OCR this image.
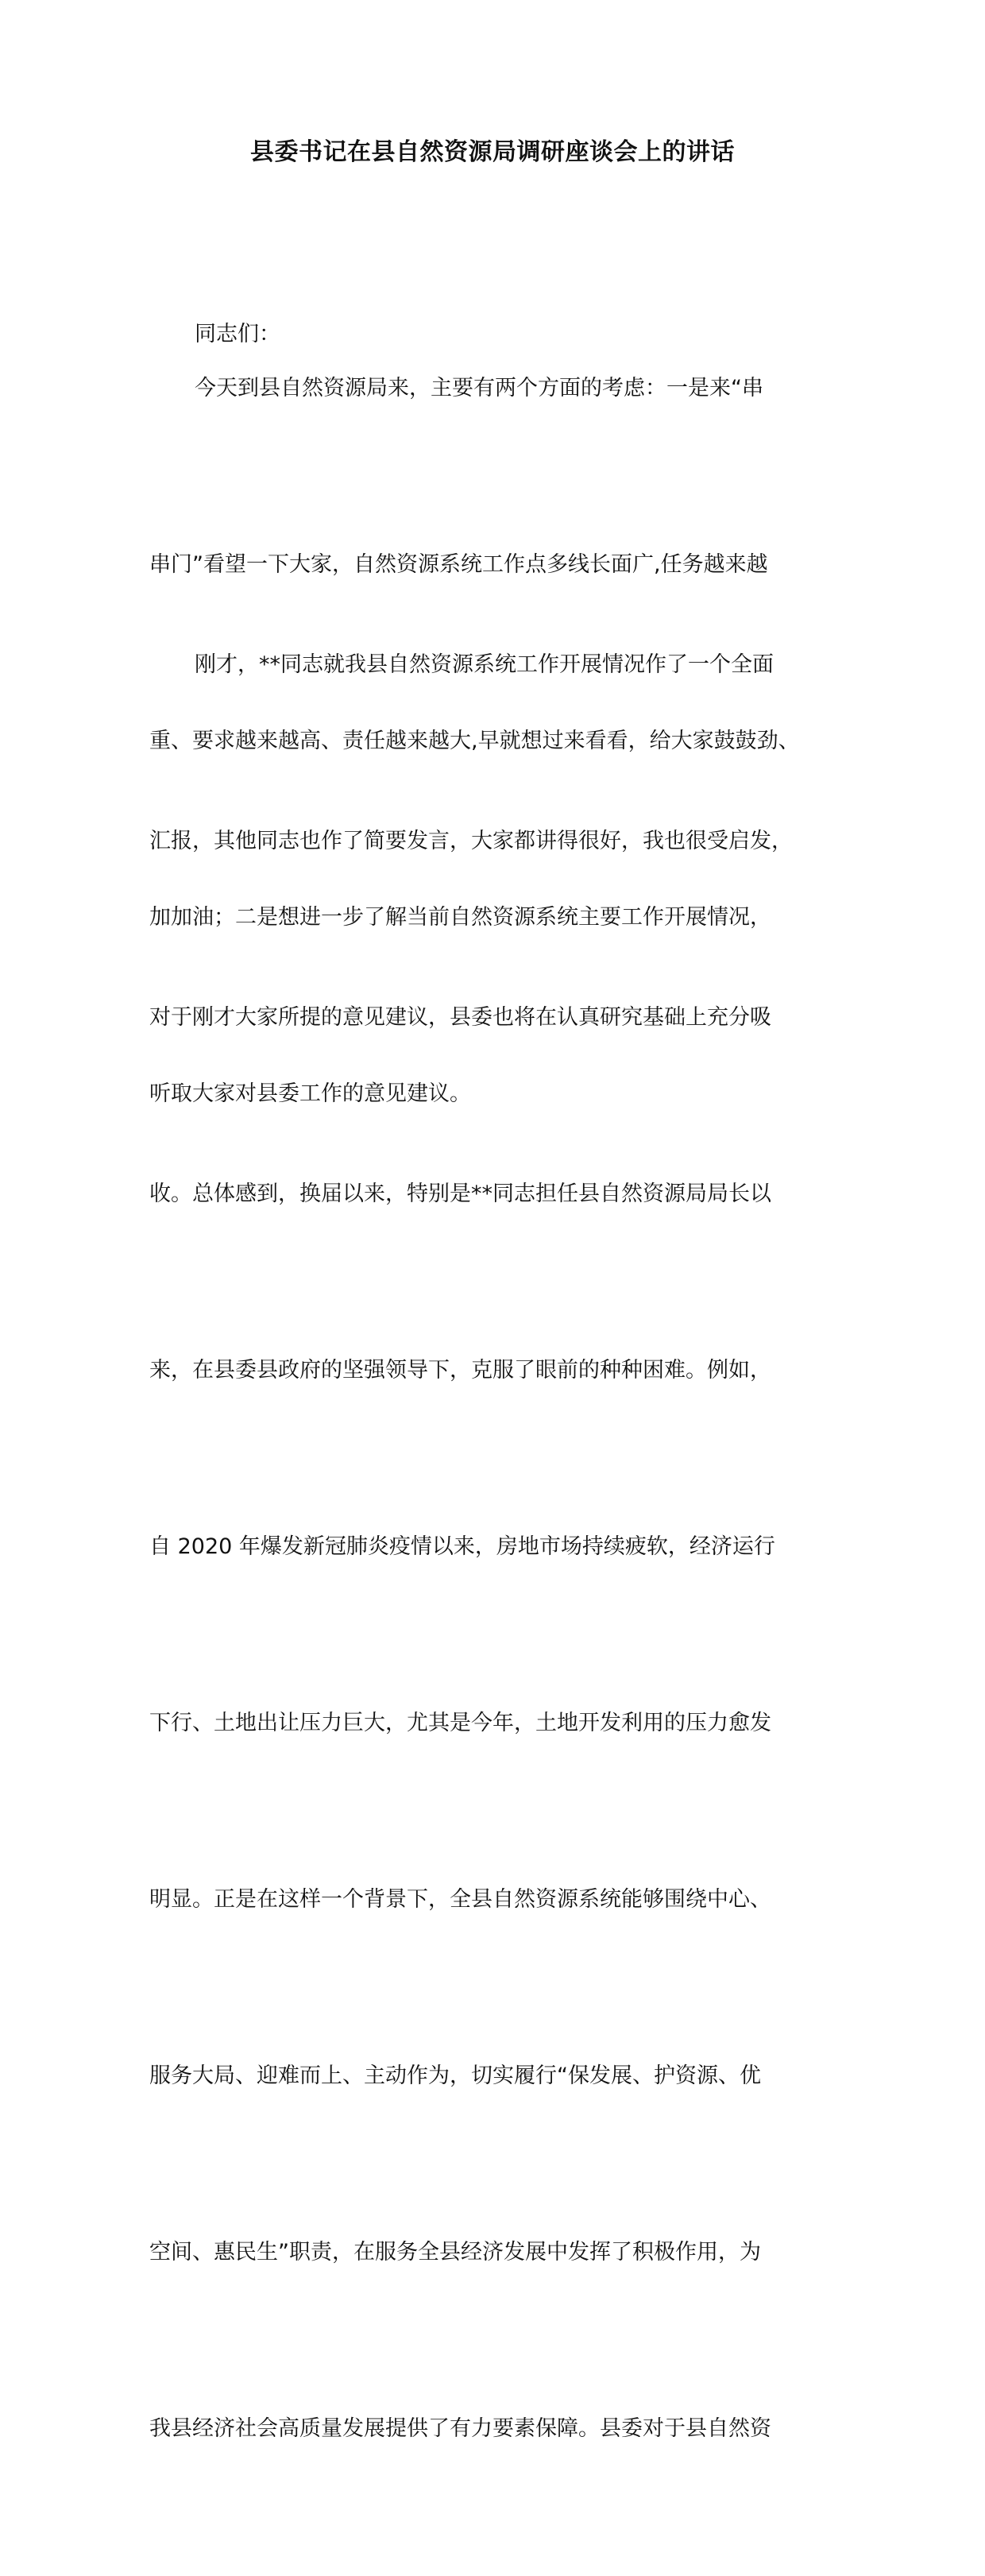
县委书记在县自然资源局调研座谈会上的讲话

同志们：

今天到县自然资源局来，主要有两个方面的考虑：一是来“串

串门”看望一下大家，自然资源系统工作点多线长面广,任务越来越

重、要求越来越高、责任越来越大,早就想过来看看，给大家鼓鼓劲、

加加油；二是想进一步了解当前自然资源系统主要工作开展情况，

听取大家对县委工作的意见建议。

刚才，**同志就我县自然资源系统工作开展情况作了一个全面

汇报，其他同志也作了简要发言，大家都讲得很好，我也很受启发，

对于刚才大家所提的意见建议，县委也将在认真研究基础上充分吸

收。总体感到，换届以来，特别是**同志担任县自然资源局局长以

来，在县委县政府的坚强领导下，克服了眼前的种种困难。例如，

自 2020 年爆发新冠肺炎疫情以来，房地市场持续疲软，经济运行

下行、土地出让压力巨大，尤其是今年，土地开发利用的压力愈发

明显。正是在这样一个背景下，全县自然资源系统能够围绕中心、

服务大局、迎难而上、主动作为，切实履行“保发展、护资源、优

空间、惠民生”职责，在服务全县经济发展中发挥了积极作用，为

我县经济社会高质量发展提供了有力要素保障。县委对于县自然资
